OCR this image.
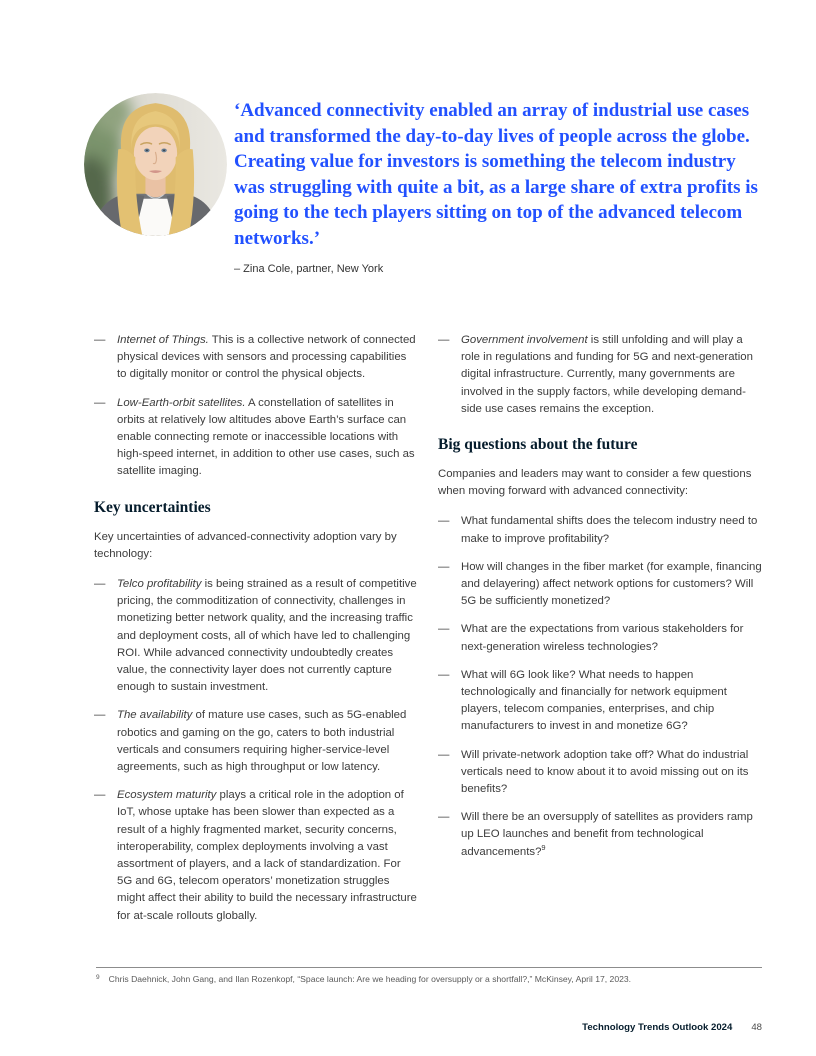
‘Advanced connectivity enabled an array of industrial use cases and transformed the day-to-day lives of people across the globe. Creating value for investors is something the telecom industry was struggling with quite a bit, as a large share of extra profits is going to the tech players sitting on top of the advanced telecom networks.’

– Zina Cole, partner, New York

— Internet of Things. This is a collective network of connected physical devices with sensors and processing capabilities to digitally monitor or control the physical objects.
— Low-Earth-orbit satellites. A constellation of satellites in orbits at relatively low altitudes above Earth’s surface can enable connecting remote or inaccessible locations with high-speed internet, in addition to other use cases, such as satellite imaging.
Key uncertainties

Key uncertainties of advanced-connectivity adoption vary by technology:

— Telco profitability is being strained as a result of competitive pricing, the commoditization of connectivity, challenges in monetizing better network quality, and the increasing traffic and deployment costs, all of which have led to challenging ROI. While advanced connectivity undoubtedly creates value, the connectivity layer does not currently capture enough to sustain investment.
— The availability of mature use cases, such as 5G-enabled robotics and gaming on the go, caters to both industrial verticals and consumers requiring higher-service-level agreements, such as high throughput or low latency.
— Ecosystem maturity plays a critical role in the adoption of IoT, whose uptake has been slower than expected as a result of a highly fragmented market, security concerns, interoperability, complex deployments involving a vast assortment of players, and a lack of standardization. For 5G and 6G, telecom operators’ monetization struggles might affect their ability to build the necessary infrastructure for at-scale rollouts globally.
— Government involvement is still unfolding and will play a role in regulations and funding for 5G and next-generation digital infrastructure. Currently, many governments are involved in the supply factors, while developing demand-side use cases remains the exception.
Big questions about the future

Companies and leaders may want to consider a few questions when moving forward with advanced connectivity:

— What fundamental shifts does the telecom industry need to make to improve profitability?
— How will changes in the fiber market (for example, financing and delayering) affect network options for customers? Will 5G be sufficiently monetized?
— What are the expectations from various stakeholders for next-generation wireless technologies?
— What will 6G look like? What needs to happen technologically and financially for network equipment players, telecom companies, enterprises, and chip manufacturers to invest in and monetize 6G?
— Will private-network adoption take off? What do industrial verticals need to know about it to avoid missing out on its benefits?
— Will there be an oversupply of satellites as providers ramp up LEO launches and benefit from technological advancements?$^9$

9 Chris Daehnick, John Gang, and Ilan Rozenkopf, “Space launch: Are we heading for oversupply or a shortfall?,” McKinsey, April 17, 2023.

Technology Trends Outlook 2024 48
